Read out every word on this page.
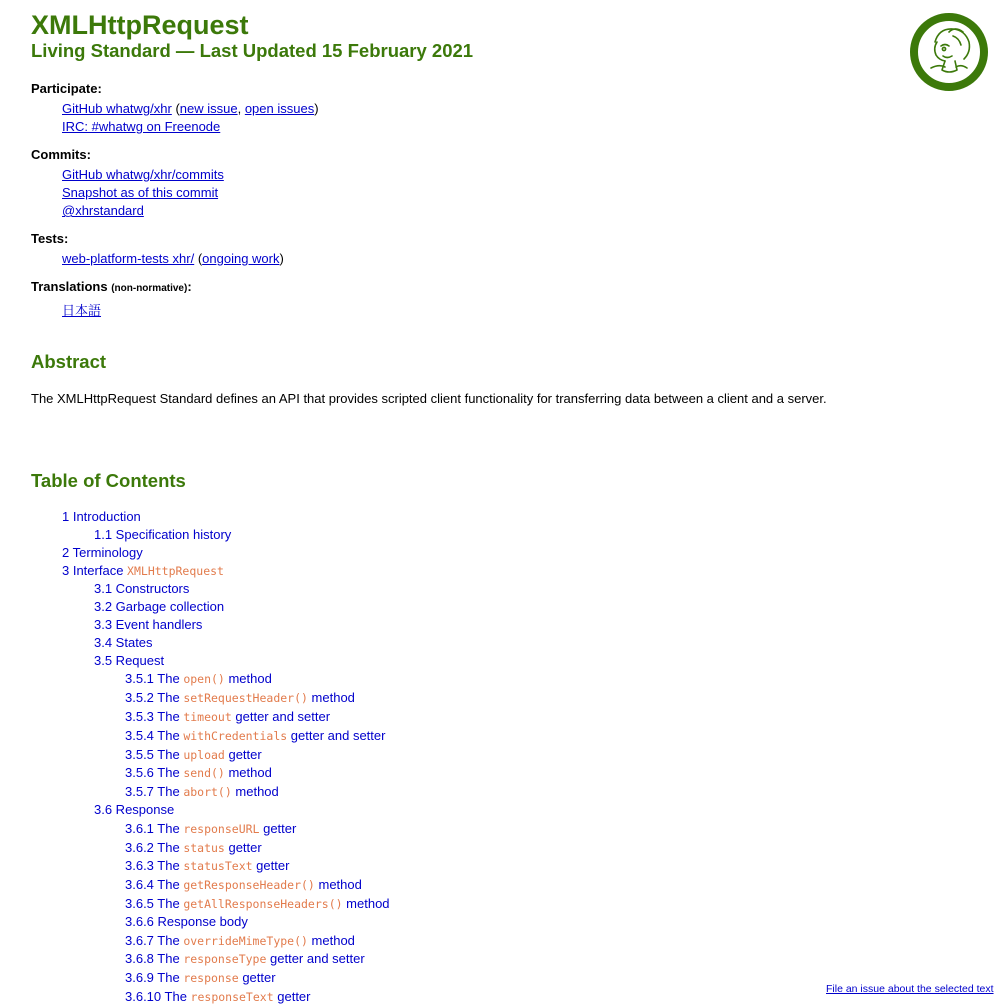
XMLHttpRequest
Living Standard — Last Updated 15 February 2021
Participate:
GitHub whatwg/xhr (new issue, open issues)
IRC: #whatwg on Freenode
Commits:
GitHub whatwg/xhr/commits
Snapshot as of this commit
@xhrstandard
Tests:
web-platform-tests xhr/ (ongoing work)
Translations (non-normative):
日本語
Abstract

The XMLHttpRequest Standard defines an API that provides scripted client functionality for transferring data between a client and a server.

Table of Contents
1 Introduction
1.1 Specification history
2 Terminology
3 Interface XMLHttpRequest
3.1 Constructors
3.2 Garbage collection
3.3 Event handlers
3.4 States
3.5 Request
3.5.1 The open() method
3.5.2 The setRequestHeader() method
3.5.3 The timeout getter and setter
3.5.4 The withCredentials getter and setter
3.5.5 The upload getter
3.5.6 The send() method
3.5.7 The abort() method
3.6 Response
3.6.1 The responseURL getter
3.6.2 The status getter
3.6.3 The statusText getter
3.6.4 The getResponseHeader() method
3.6.5 The getAllResponseHeaders() method
3.6.6 Response body
3.6.7 The overrideMimeType() method
3.6.8 The responseType getter and setter
3.6.9 The response getter
3.6.10 The responseText getter	File an issue about the selected text
